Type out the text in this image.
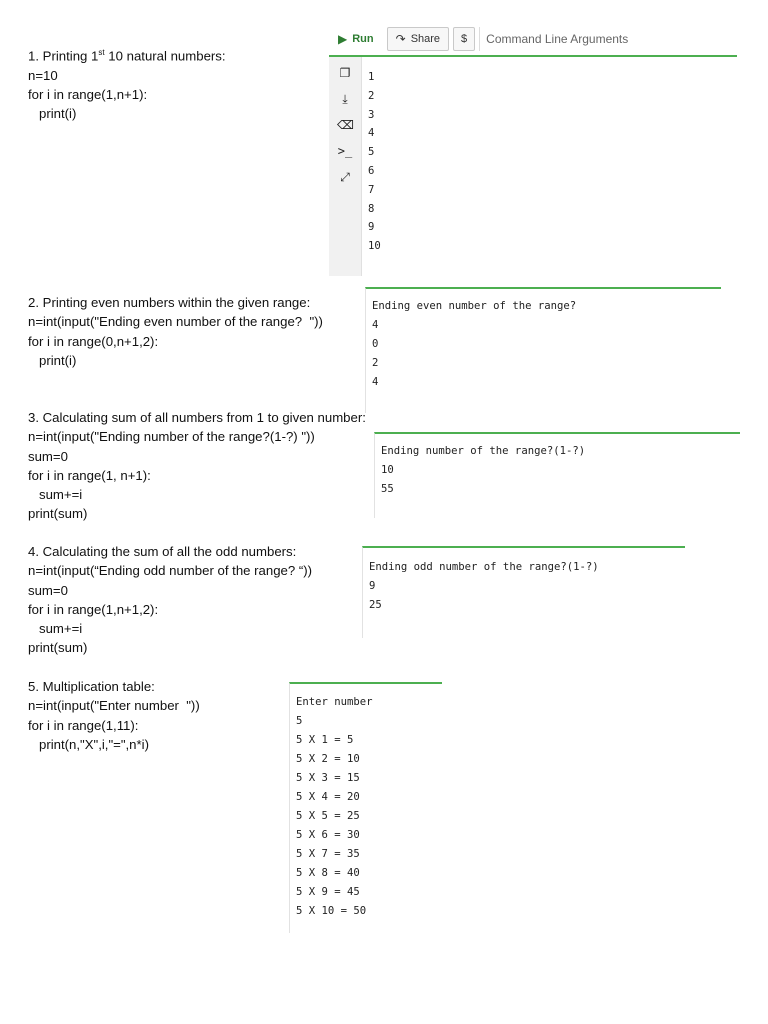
1. Printing 1st 10 natural numbers:
n=10
for i in range(1,n+1):
print(i)
▶ Run ↷ Share $	Command Line Arguments
❐
⤓
⌫
>_
⤢
1
2
3
4
5
6
7
8
9
10
2. Printing even numbers within the given range:
n=int(input("Ending even number of the range?  "))
for i in range(0,n+1,2):
print(i)
Ending even number of the range?
4
0
2
4
3. Calculating sum of all numbers from 1 to given number:
n=int(input("Ending number of the range?(1-?) "))
sum=0
for i in range(1, n+1):
sum+=i
print(sum)
Ending number of the range?(1-?)
10
55
4. Calculating the sum of all the odd numbers:
n=int(input(“Ending odd number of the range? “))
sum=0
for i in range(1,n+1,2):
sum+=i
print(sum)
Ending odd number of the range?(1-?)
9
25
5. Multiplication table:
n=int(input("Enter number  "))
for i in range(1,11):
print(n,"X",i,"=",n*i)
Enter number
5
5 X 1 = 5
5 X 2 = 10
5 X 3 = 15
5 X 4 = 20
5 X 5 = 25
5 X 6 = 30
5 X 7 = 35
5 X 8 = 40
5 X 9 = 45
5 X 10 = 50
